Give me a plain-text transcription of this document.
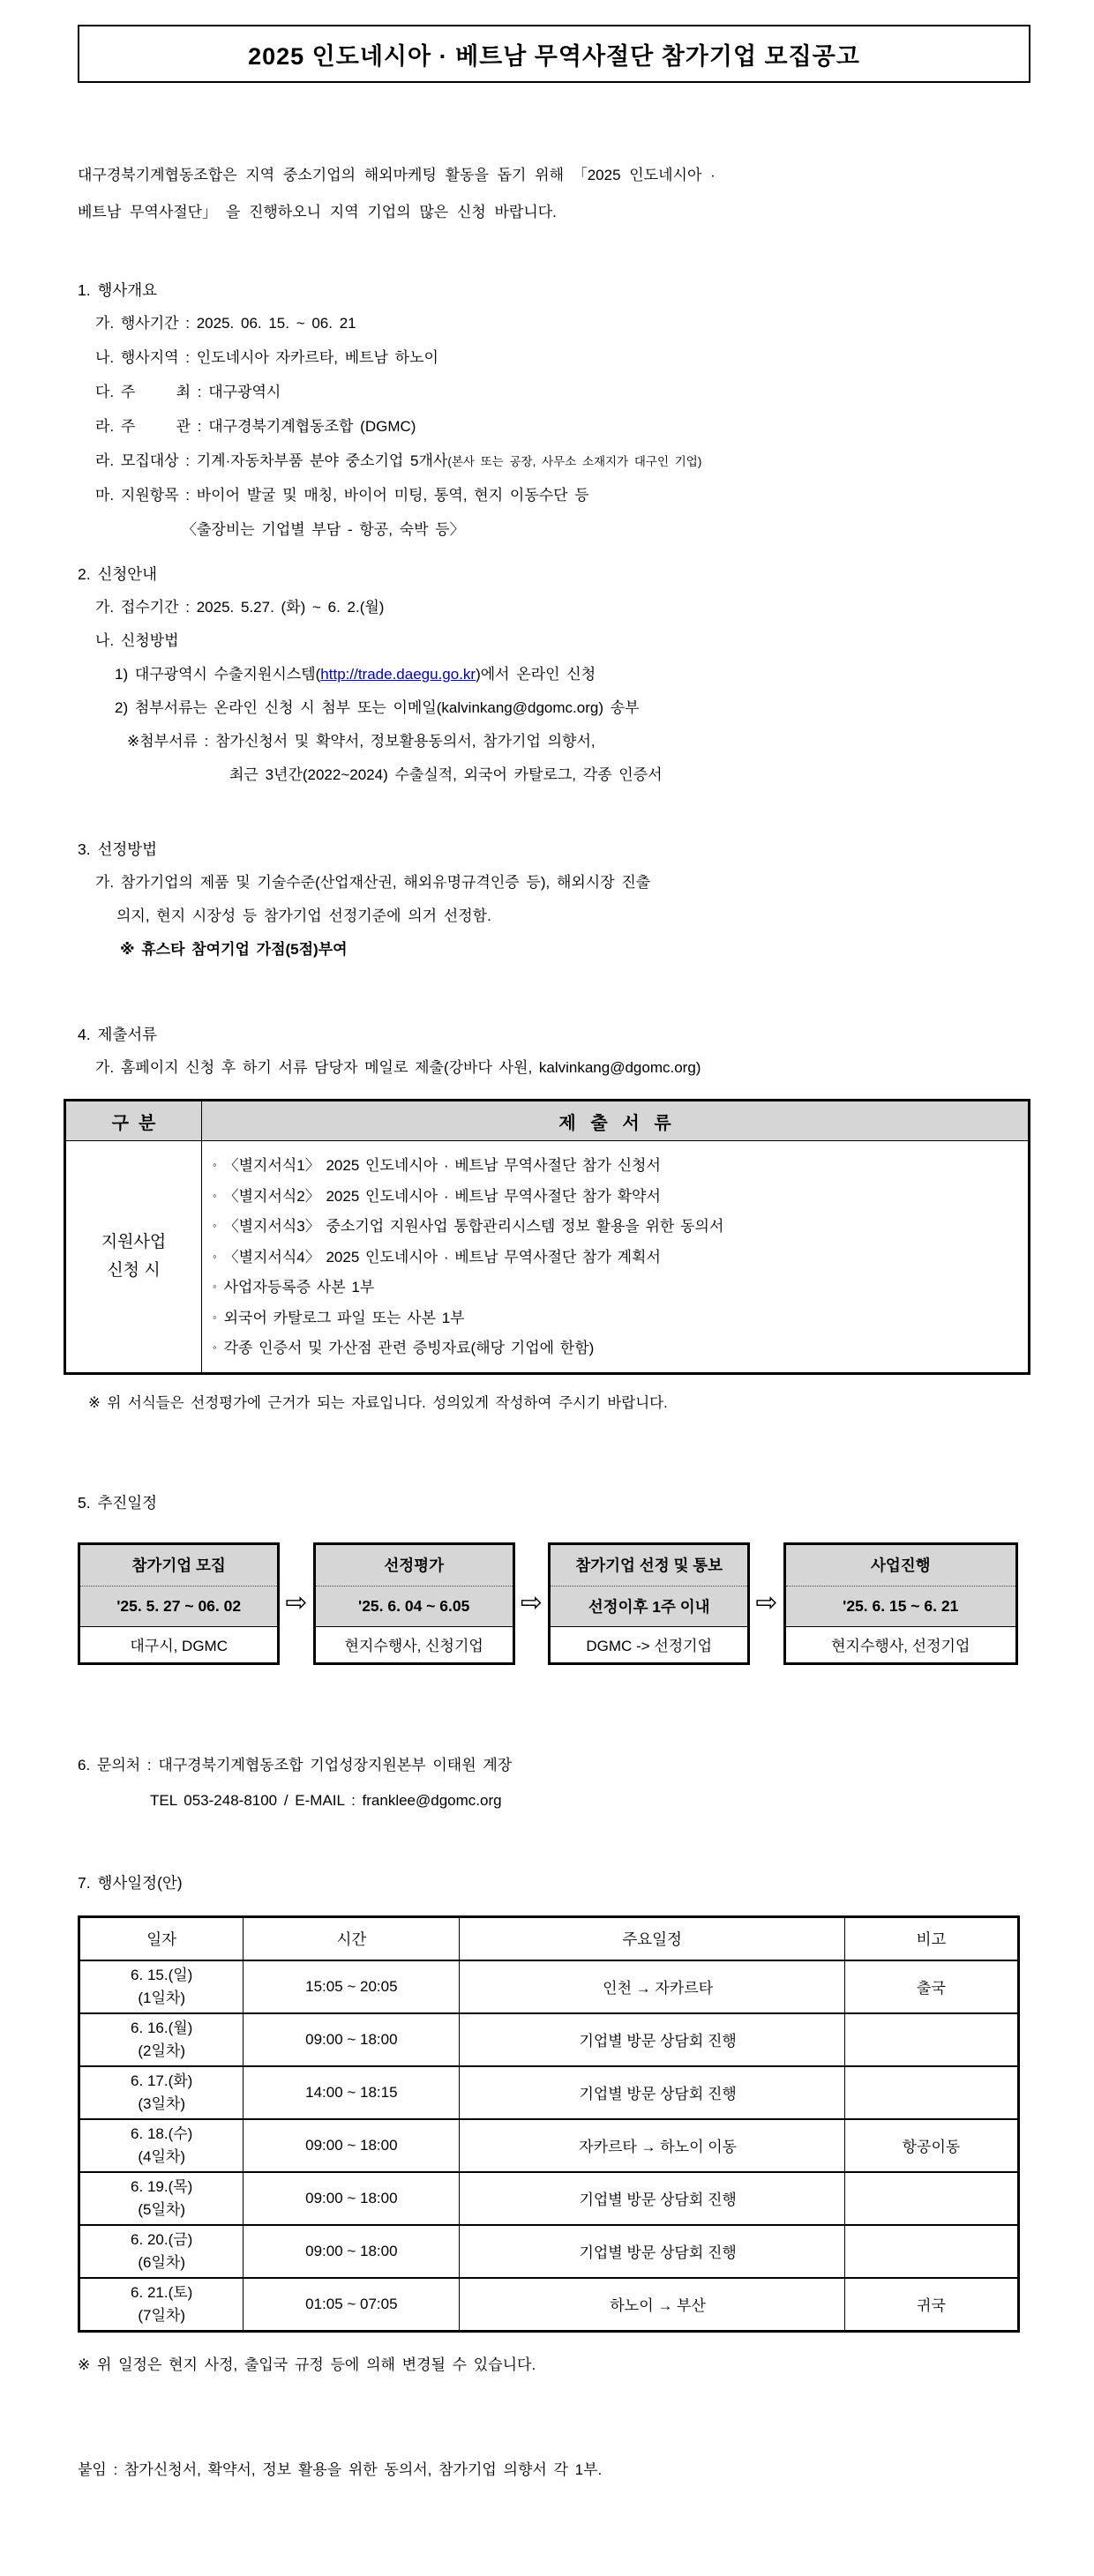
2025 인도네시아 · 베트남 무역사절단 참가기업 모집공고

대구경북기계협동조합은 지역 중소기업의 해외마케팅 활동을 돕기 위해 「2025 인도네시아 ·
베트남 무역사절단」 을 진행하오니 지역 기업의 많은 신청 바랍니다.

1. 행사개요
가. 행사기간 : 2025. 06. 15. ~ 06. 21
나. 행사지역 : 인도네시아 자카르타, 베트남 하노이
다. 주      최 : 대구광역시
라. 주      관 : 대구경북기계협동조합 (DGMC)
라. 모집대상 : 기계·자동차부품 분야 중소기업 5개사(본사 또는 공장, 사무소 소재지가 대구인 기업)
마. 지원항목 : 바이어 발굴 및 매칭, 바이어 미팅, 통역, 현지 이동수단 등
〈출장비는 기업별 부담 - 항공, 숙박 등〉
2. 신청안내
가. 접수기간 : 2025. 5.27. (화) ~ 6. 2.(월)
나. 신청방법
1) 대구광역시 수출지원시스템(http://trade.daegu.go.kr)에서 온라인 신청
2) 첨부서류는 온라인 신청 시 첨부 또는 이메일(kalvinkang@dgomc.org) 송부
※첨부서류 : 참가신청서 및 확약서, 정보활용동의서, 참가기업 의향서,
최근 3년간(2022~2024) 수출실적, 외국어 카탈로그, 각종 인증서
3. 선정방법
가. 참가기업의 제품 및 기술수준(산업재산권, 해외유명규격인증 등), 해외시장 진출
의지, 현지 시장성 등 참가기업 선정기준에 의거 선정함.
※ 휴스타 참여기업 가점(5점)부여
4. 제출서류
가. 홈페이지 신청 후 하기 서류 담당자 메일로 제출(강바다 사원, kalvinkang@dgomc.org)
구  분	제   출   서   류
지원사업
신청 시	
◦ 〈별지서식1〉 2025 인도네시아 · 베트남 무역사절단 참가 신청서
◦ 〈별지서식2〉 2025 인도네시아 · 베트남 무역사절단 참가 확약서
◦ 〈별지서식3〉 중소기업 지원사업 통합관리시스템 정보 활용을 위한 동의서
◦ 〈별지서식4〉 2025 인도네시아 · 베트남 무역사절단 참가 계획서
◦ 사업자등록증 사본 1부
◦ 외국어 카탈로그 파일 또는 사본 1부
◦ 각종 인증서 및 가산점 관련 증빙자료(해당 기업에 한함)
※ 위 서식들은 선정평가에 근거가 되는 자료입니다. 성의있게 작성하여 주시기 바랍니다.
5. 추진일정
참가기업 모집
'25. 5. 27 ~ 06. 02
대구시, DGMC
⇨
선정평가
'25. 6. 04 ~ 6.05
현지수행사, 신청기업
⇨
참가기업 선정 및 통보
선정이후 1주 이내
DGMC -> 선정기업
⇨
사업진행
'25. 6. 15 ~ 6. 21
현지수행사, 선정기업
6. 문의처 : 대구경북기계협동조합 기업성장지원본부 이태원 계장
TEL 053-248-8100 / E-MAIL : franklee@dgomc.org
7. 행사일정(안)
일자	시간	주요일정	비고

6. 15.(일)
(1일차)	15:05 ~ 20:05	인천 → 자카르타	출국

6. 16.(월)
(2일차)	09:00 ~ 18:00	기업별 방문 상담회 진행	

6. 17.(화)
(3일차)	14:00 ~ 18:15	기업별 방문 상담회 진행	

6. 18.(수)
(4일차)	09:00 ~ 18:00	자카르타 → 하노이 이동	항공이동

6. 19.(목)
(5일차)	09:00 ~ 18:00	기업별 방문 상담회 진행	

6. 20.(금)
(6일차)	09:00 ~ 18:00	기업별 방문 상담회 진행	

6. 21.(토)
(7일차)	01:05 ~ 07:05	하노이 → 부산	귀국
※ 위 일정은 현지 사정, 출입국 규정 등에 의해 변경될 수 있습니다.
붙임 : 참가신청서, 확약서, 정보 활용을 위한 동의서, 참가기업 의향서 각 1부.
